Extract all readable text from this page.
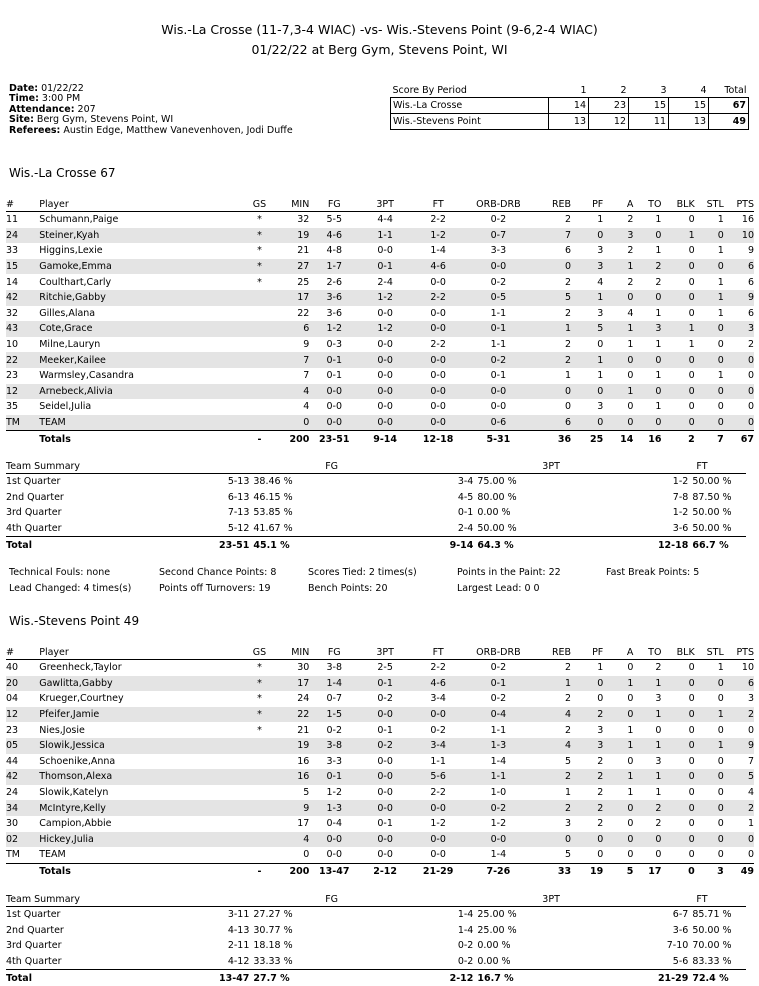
Wis.-La Crosse (11-7,3-4 WIAC) -vs- Wis.-Stevens Point (9-6,2-4 WIAC)
01/22/22 at Berg Gym, Stevens Point, WI
Date: 01/22/22
Time: 3:00 PM
Attendance: 207
Site: Berg Gym, Stevens Point, WI
Referees: Austin Edge, Matthew Vanevenhoven, Jodi Duffe
Score By Period	1	2	3	4	Total
Wis.-La Crosse	14	23	15	15	67
Wis.-Stevens Point	13	12	11	13	49
Wis.-La Crosse 67
#	Player	GS	MIN	FG	3PT	FT	ORB-DRB	REB	PF	A	TO	BLK	STL	PTS
11	Schumann,Paige	*	32	5-5	4-4	2-2	0-2	2	1	2	1	0	1	16
24	Steiner,Kyah	*	19	4-6	1-1	1-2	0-7	7	0	3	0	1	0	10
33	Higgins,Lexie	*	21	4-8	0-0	1-4	3-3	6	3	2	1	0	1	9
15	Gamoke,Emma	*	27	1-7	0-1	4-6	0-0	0	3	1	2	0	0	6
14	Coulthart,Carly	*	25	2-6	2-4	0-0	0-2	2	4	2	2	0	1	6
42	Ritchie,Gabby		17	3-6	1-2	2-2	0-5	5	1	0	0	0	1	9
32	Gilles,Alana		22	3-6	0-0	0-0	1-1	2	3	4	1	0	1	6
43	Cote,Grace		6	1-2	1-2	0-0	0-1	1	5	1	3	1	0	3
10	Milne,Lauryn		9	0-3	0-0	2-2	1-1	2	0	1	1	1	0	2
22	Meeker,Kailee		7	0-1	0-0	0-0	0-2	2	1	0	0	0	0	0
23	Warmsley,Casandra		7	0-1	0-0	0-0	0-1	1	1	0	1	0	1	0
12	Arnebeck,Alivia		4	0-0	0-0	0-0	0-0	0	0	1	0	0	0	0
35	Seidel,Julia		4	0-0	0-0	0-0	0-0	0	3	0	1	0	0	0
TM	TEAM		0	0-0	0-0	0-0	0-6	6	0	0	0	0	0	0
	Totals	-	200	23-51	9-14	12-18	5-31	36	25	14	16	2	7	67
Team Summary	FG			3PT			FT	
1st Quarter	5-13	38.46 %		3-4	75.00 %		1-2	50.00 %
2nd Quarter	6-13	46.15 %		4-5	80.00 %		7-8	87.50 %
3rd Quarter	7-13	53.85 %		0-1	0.00 %		1-2	50.00 %
4th Quarter	5-12	41.67 %		2-4	50.00 %		3-6	50.00 %
Total	23-51	45.1 %		9-14	64.3 %		12-18	66.7 %
Technical Fouls: none
Lead Changed: 4 times(s)
Second Chance Points: 8
Points off Turnovers: 19
Scores Tied: 2 times(s)
Bench Points: 20
Points in the Paint: 22
Largest Lead: 0 0
Fast Break Points: 5
Wis.-Stevens Point 49
#	Player	GS	MIN	FG	3PT	FT	ORB-DRB	REB	PF	A	TO	BLK	STL	PTS
40	Greenheck,Taylor	*	30	3-8	2-5	2-2	0-2	2	1	0	2	0	1	10
20	Gawlitta,Gabby	*	17	1-4	0-1	4-6	0-1	1	0	1	1	0	0	6
04	Krueger,Courtney	*	24	0-7	0-2	3-4	0-2	2	0	0	3	0	0	3
12	Pfeifer,Jamie	*	22	1-5	0-0	0-0	0-4	4	2	0	1	0	1	2
23	Nies,Josie	*	21	0-2	0-1	0-2	1-1	2	3	1	0	0	0	0
05	Slowik,Jessica		19	3-8	0-2	3-4	1-3	4	3	1	1	0	1	9
44	Schoenike,Anna		16	3-3	0-0	1-1	1-4	5	2	0	3	0	0	7
42	Thomson,Alexa		16	0-1	0-0	5-6	1-1	2	2	1	1	0	0	5
24	Slowik,Katelyn		5	1-2	0-0	2-2	1-0	1	2	1	1	0	0	4
34	McIntyre,Kelly		9	1-3	0-0	0-0	0-2	2	2	0	2	0	0	2
30	Campion,Abbie		17	0-4	0-1	1-2	1-2	3	2	0	2	0	0	1
02	Hickey,Julia		4	0-0	0-0	0-0	0-0	0	0	0	0	0	0	0
TM	TEAM		0	0-0	0-0	0-0	1-4	5	0	0	0	0	0	0
	Totals	-	200	13-47	2-12	21-29	7-26	33	19	5	17	0	3	49
Team Summary	FG			3PT			FT	
1st Quarter	3-11	27.27 %		1-4	25.00 %		6-7	85.71 %
2nd Quarter	4-13	30.77 %		1-4	25.00 %		3-6	50.00 %
3rd Quarter	2-11	18.18 %		0-2	0.00 %		7-10	70.00 %
4th Quarter	4-12	33.33 %		0-2	0.00 %		5-6	83.33 %
Total	13-47	27.7 %		2-12	16.7 %		21-29	72.4 %
